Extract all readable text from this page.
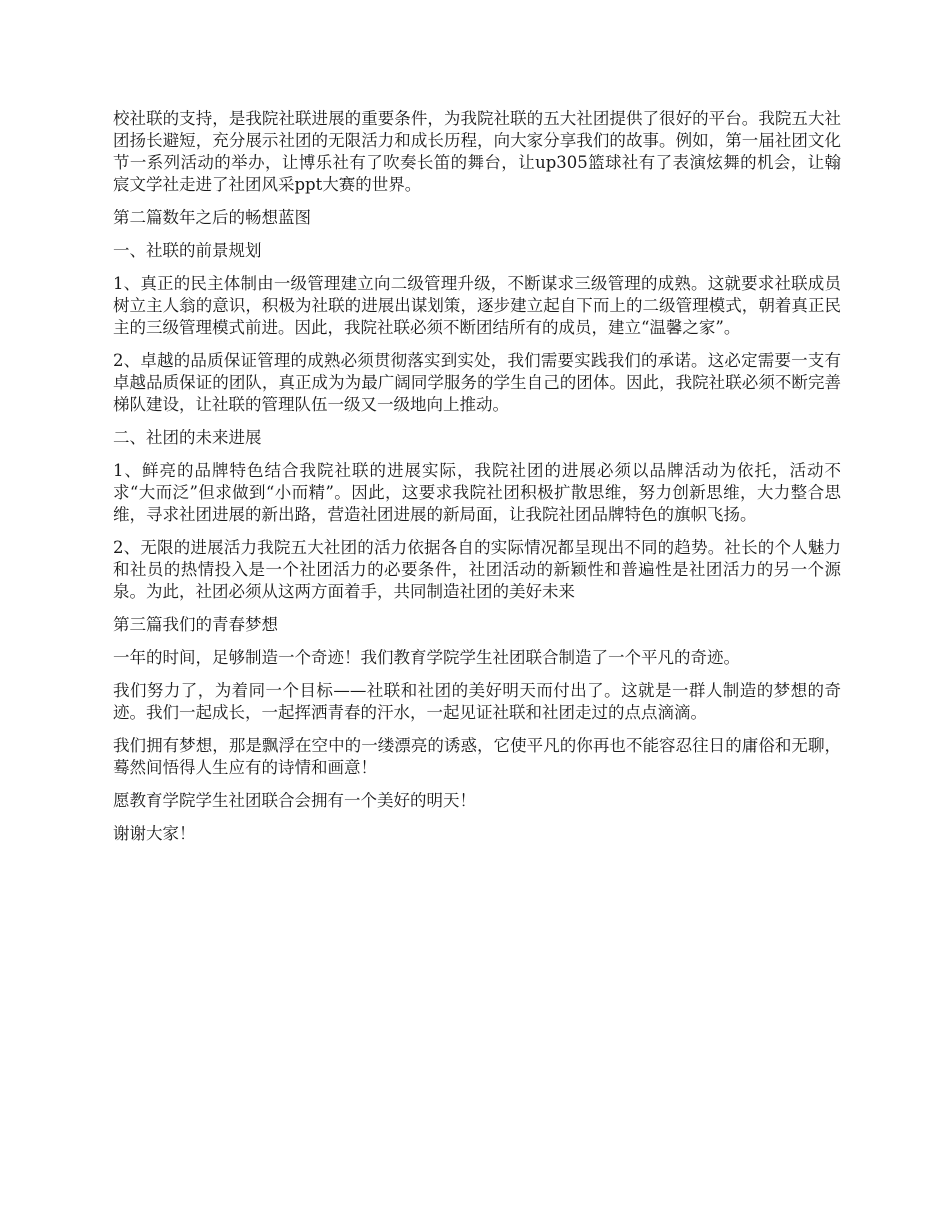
校社联的支持，是我院社联进展的重要条件，为我院社联的五大社团提供了很好的平台。我院五大社团扬长避短，充分展示社团的无限活力和成长历程，向大家分享我们的故事。例如，第一届社团文化节一系列活动的举办，让博乐社有了吹奏长笛的舞台，让up305篮球社有了表演炫舞的机会，让翰宸文学社走进了社团风采ppt大赛的世界。

第二篇数年之后的畅想蓝图

一、社联的前景规划

1、真正的民主体制由一级管理建立向二级管理升级，不断谋求三级管理的成熟。这就要求社联成员树立主人翁的意识，积极为社联的进展出谋划策，逐步建立起自下而上的二级管理模式，朝着真正民主的三级管理模式前进。因此，我院社联必须不断团结所有的成员，建立“温馨之家”。

2、卓越的品质保证管理的成熟必须贯彻落实到实处，我们需要实践我们的承诺。这必定需要一支有卓越品质保证的团队，真正成为为最广阔同学服务的学生自己的团体。因此，我院社联必须不断完善梯队建设，让社联的管理队伍一级又一级地向上推动。

二、社团的未来进展

1、鲜亮的品牌特色结合我院社联的进展实际，我院社团的进展必须以品牌活动为依托，活动不求“大而泛”但求做到“小而精”。因此，这要求我院社团积极扩散思维，努力创新思维，大力整合思维，寻求社团进展的新出路，营造社团进展的新局面，让我院社团品牌特色的旗帜飞扬。

2、无限的进展活力我院五大社团的活力依据各自的实际情况都呈现出不同的趋势。社长的个人魅力和社员的热情投入是一个社团活力的必要条件，社团活动的新颖性和普遍性是社团活力的另一个源泉。为此，社团必须从这两方面着手，共同制造社团的美好未来

第三篇我们的青春梦想

一年的时间，足够制造一个奇迹！我们教育学院学生社团联合制造了一个平凡的奇迹。

我们努力了，为着同一个目标——社联和社团的美好明天而付出了。这就是一群人制造的梦想的奇迹。我们一起成长，一起挥洒青春的汗水，一起见证社联和社团走过的点点滴滴。

我们拥有梦想，那是飘浮在空中的一缕漂亮的诱惑，它使平凡的你再也不能容忍往日的庸俗和无聊，蓦然间悟得人生应有的诗情和画意！

愿教育学院学生社团联合会拥有一个美好的明天！

谢谢大家！
